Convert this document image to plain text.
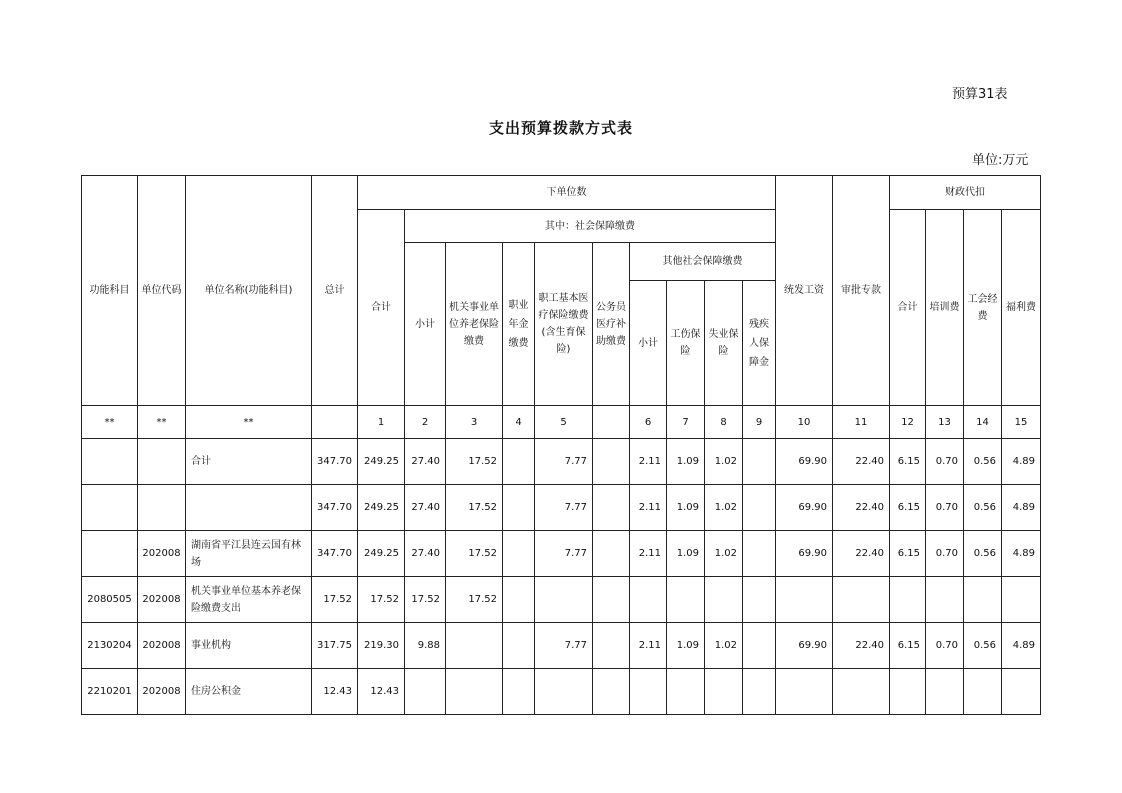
预算31表
支出预算拨款方式表
单位:万元
功能科目	单位代码	单位名称(功能科目)	总计	下单位数										统发工资	审批专款	财政代扣			
				合计	其中：社会保障缴费											合计	培训费	工会经费	福利费
					小计	机关事业单位养老保险缴费	职业年金缴费	职工基本医疗保险缴费(含生育保险)	公务员医疗补助缴费	其他社会保障缴费									
										小计	工伤保险	失业保险	残疾人保障金						
**	**	**		1	2	3	4	5		6	7	8	9	10	11	12	13	14	15
		合计	347.70	249.25	27.40	17.52		7.77		2.11	1.09	1.02		69.90	22.40	6.15	0.70	0.56	4.89
			347.70	249.25	27.40	17.52		7.77		2.11	1.09	1.02		69.90	22.40	6.15	0.70	0.56	4.89
	202008	湖南省平江县连云国有林场	347.70	249.25	27.40	17.52		7.77		2.11	1.09	1.02		69.90	22.40	6.15	0.70	0.56	4.89
2080505	202008	机关事业单位基本养老保险缴费支出	17.52	17.52	17.52	17.52													
2130204	202008	事业机构	317.75	219.30	9.88			7.77		2.11	1.09	1.02		69.90	22.40	6.15	0.70	0.56	4.89
2210201	202008	住房公积金	12.43	12.43															
